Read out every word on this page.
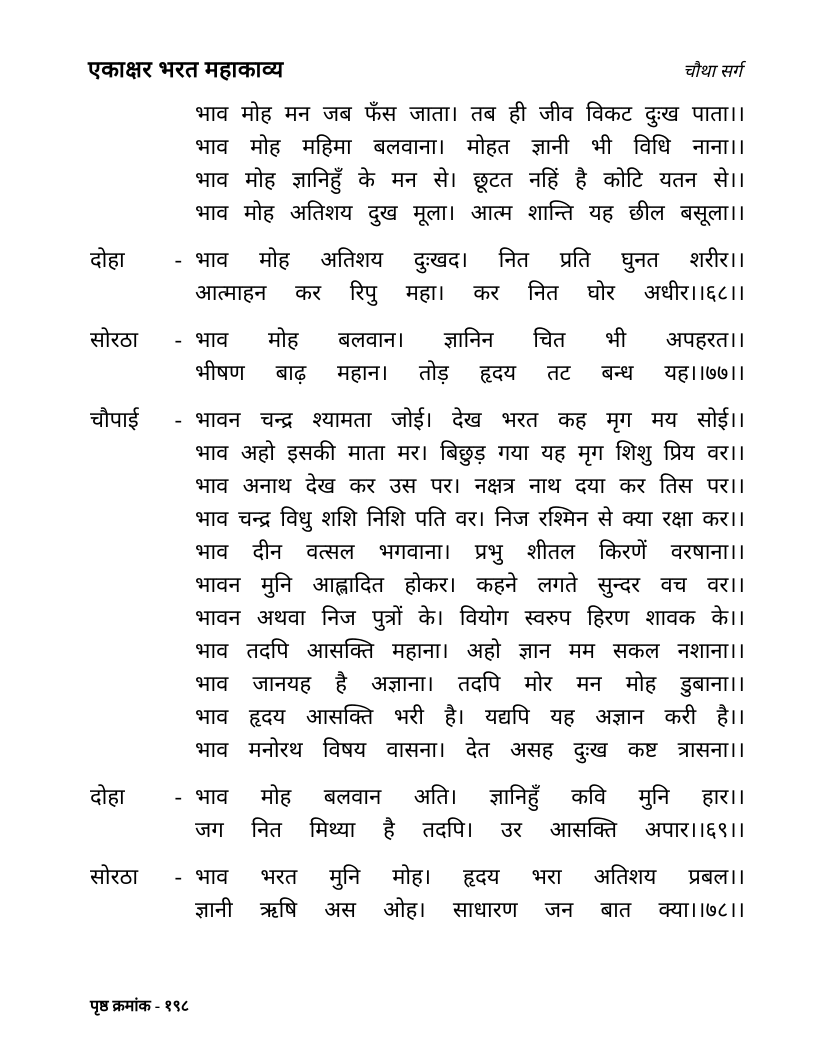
एकाक्षर भरत महाकाव्य	चौथा सर्ग
भाव मोह मन जब फँस जाता। तब ही जीव विकट दुःख पाता।।
भाव मोह महिमा बलवाना। मोहत ज्ञानी भी विधि नाना।।
भाव मोह ज्ञानिहुँ के मन से। छूटत नहिं है कोटि यतन से।।
भाव मोह अतिशय दुख मूला। आत्म शान्ति यह छील बसूला।।
दोहा - भाव मोह अतिशय दुःखद। नित प्रति घुनत शरीर।।
आत्माहन कर रिपु महा। कर नित घोर अधीर।।६८।।
सोरठा - भाव मोह बलवान। ज्ञानिन चित भी अपहरत।।
भीषण बाढ़ महान। तोड़ हृदय तट बन्ध यह।।७७।।
चौपाई - भावन चन्द्र श्यामता जोई। देख भरत कह मृग मय सोई।।
भाव अहो इसकी माता मर। बिछुड़ गया यह मृग शिशु प्रिय वर।।
भाव अनाथ देख कर उस पर। नक्षत्र नाथ दया कर तिस पर।।
भाव चन्द्र विधु शशि निशि पति वर। निज रश्मिन से क्या रक्षा कर।।
भाव दीन वत्सल भगवाना। प्रभु शीतल किरणें वरषाना।।
भावन मुनि आह्लादित होकर। कहने लगते सुन्दर वच वर।।
भावन अथवा निज पुत्रों के। वियोग स्वरुप हिरण शावक के।।
भाव तदपि आसक्ति महाना। अहो ज्ञान मम सकल नशाना।।
भाव जानयह है अज्ञाना। तदपि मोर मन मोह डुबाना।।
भाव हृदय आसक्ति भरी है। यद्यपि यह अज्ञान करी है।।
भाव मनोरथ विषय वासना। देत असह दुःख कष्ट त्रासना।।
दोहा - भाव मोह बलवान अति। ज्ञानिहुँ कवि मुनि हार।।
जग नित मिथ्या है तदपि। उर आसक्ति अपार।।६९।।
सोरठा - भाव भरत मुनि मोह। हृदय भरा अतिशय प्रबल।।
ज्ञानी ऋषि अस ओह। साधारण जन बात क्या।।७८।।
पृष्ठ क्रमांक - १९८
